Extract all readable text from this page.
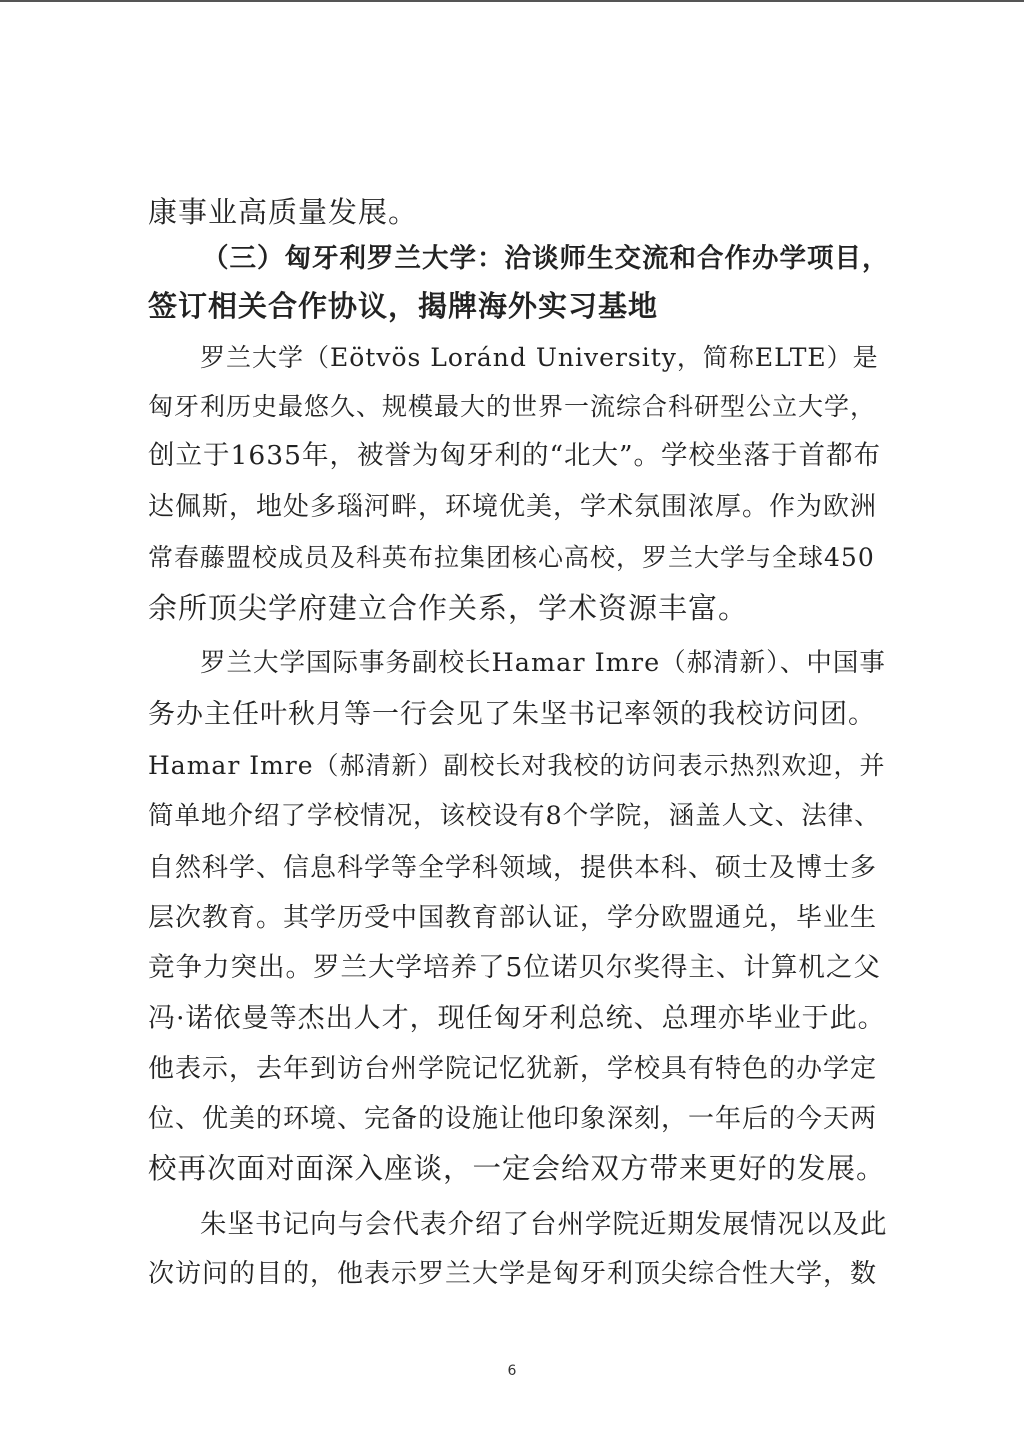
康事业高质量发展。
（三）匈牙利罗兰大学：洽谈师生交流和合作办学项目，
签订相关合作协议，揭牌海外实习基地
罗兰大学（Eötvös Loránd University，简称ELTE）是
匈牙利历史最悠久、规模最大的世界一流综合科研型公立大学，
创立于1635年，被誉为匈牙利的“北大”。学校坐落于首都布
达佩斯，地处多瑙河畔，环境优美，学术氛围浓厚。作为欧洲
常春藤盟校成员及科英布拉集团核心高校，罗兰大学与全球450
余所顶尖学府建立合作关系，学术资源丰富。
罗兰大学国际事务副校长Hamar Imre（郝清新）、中国事
务办主任叶秋月等一行会见了朱坚书记率领的我校访问团。
Hamar Imre（郝清新）副校长对我校的访问表示热烈欢迎，并
简单地介绍了学校情况，该校设有8个学院，涵盖人文、法律、
自然科学、信息科学等全学科领域，提供本科、硕士及博士多
层次教育。其学历受中国教育部认证，学分欧盟通兑，毕业生
竞争力突出。罗兰大学培养了5位诺贝尔奖得主、计算机之父
冯·诺依曼等杰出人才，现任匈牙利总统、总理亦毕业于此。
他表示，去年到访台州学院记忆犹新，学校具有特色的办学定
位、优美的环境、完备的设施让他印象深刻，一年后的今天两
校再次面对面深入座谈，一定会给双方带来更好的发展。
朱坚书记向与会代表介绍了台州学院近期发展情况以及此
次访问的目的，他表示罗兰大学是匈牙利顶尖综合性大学，数
6
